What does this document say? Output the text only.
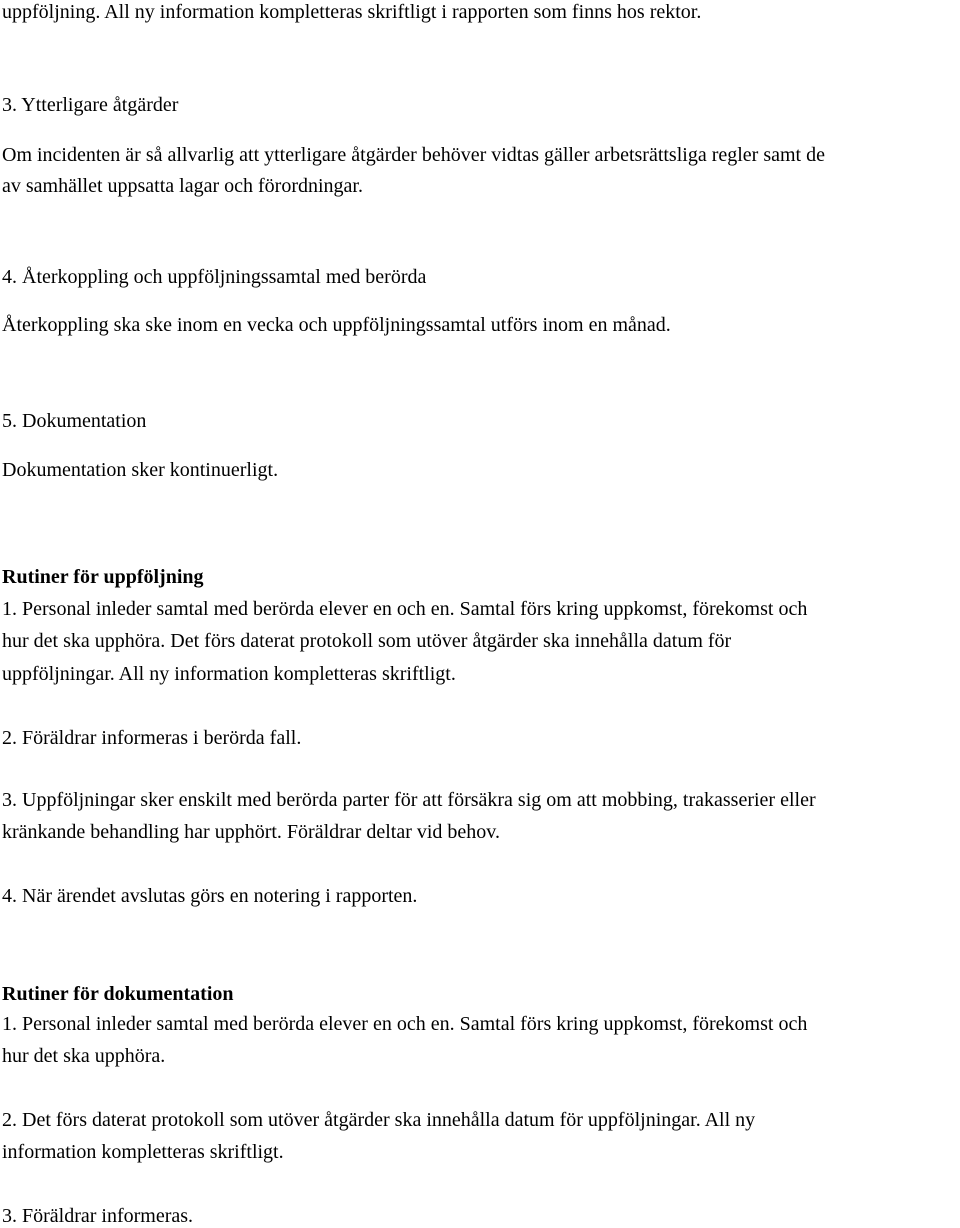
uppföljning. All ny information kompletteras skriftligt i rapporten som finns hos rektor.

3. Ytterligare åtgärder

Om incidenten är så allvarlig att ytterligare åtgärder behöver vidtas gäller arbetsrättsliga regler samt de

av samhället uppsatta lagar och förordningar.

4. Återkoppling och uppföljningssamtal med berörda

Återkoppling ska ske inom en vecka och uppföljningssamtal utförs inom en månad.

5. Dokumentation

Dokumentation sker kontinuerligt.

Rutiner för uppföljning

1. Personal inleder samtal med berörda elever en och en. Samtal förs kring uppkomst, förekomst och

hur det ska upphöra. Det förs daterat protokoll som utöver åtgärder ska innehålla datum för

uppföljningar. All ny information kompletteras skriftligt.

2. Föräldrar informeras i berörda fall.

3. Uppföljningar sker enskilt med berörda parter för att försäkra sig om att mobbing, trakasserier eller

kränkande behandling har upphört. Föräldrar deltar vid behov.

4. När ärendet avslutas görs en notering i rapporten.

Rutiner för dokumentation

1. Personal inleder samtal med berörda elever en och en. Samtal förs kring uppkomst, förekomst och

hur det ska upphöra.

2. Det förs daterat protokoll som utöver åtgärder ska innehålla datum för uppföljningar. All ny

information kompletteras skriftligt.

3. Föräldrar informeras.
